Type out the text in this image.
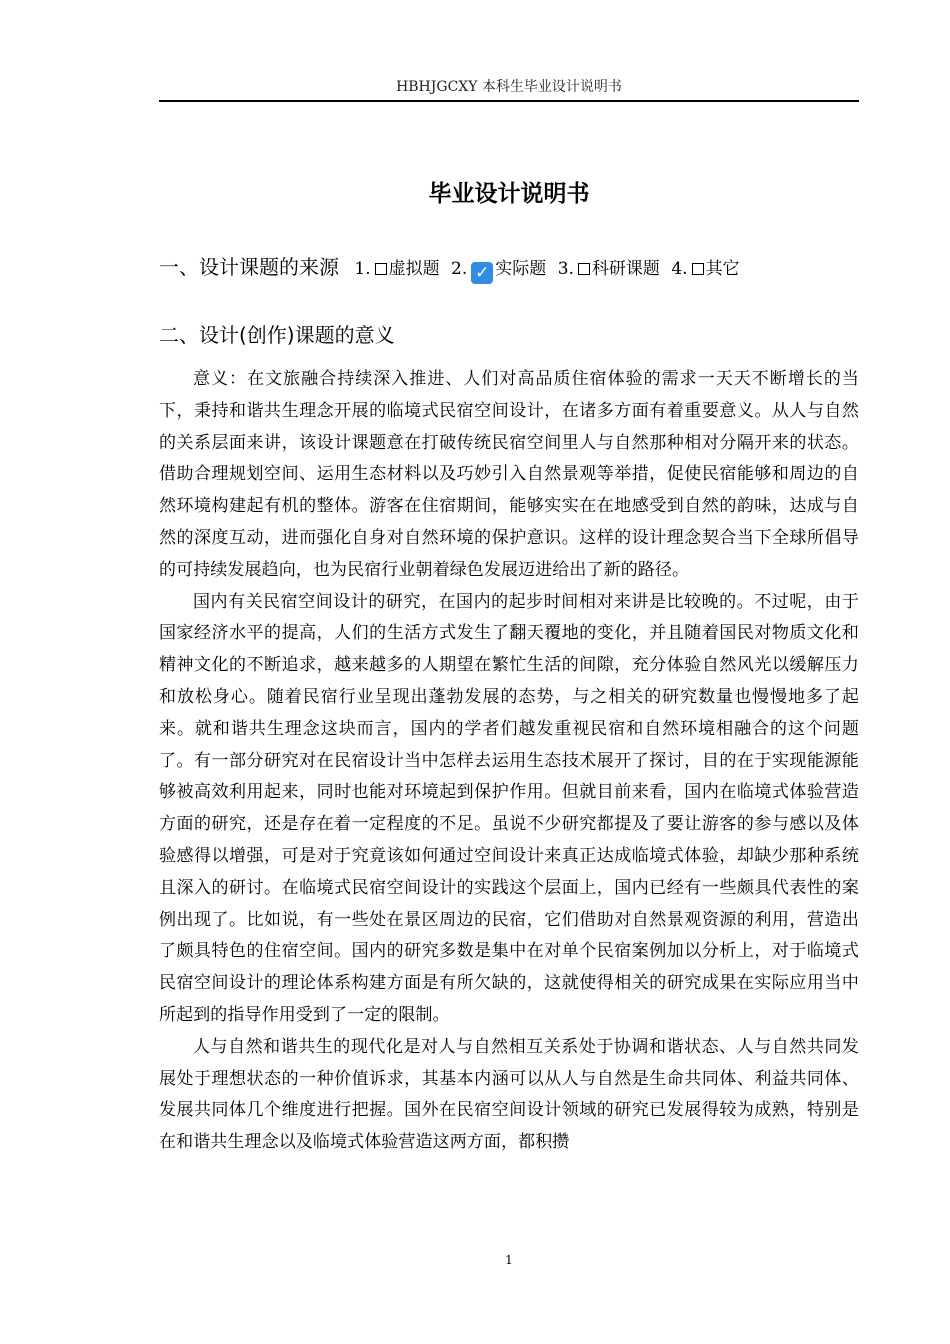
HBHJGCXY 本科生毕业设计说明书
毕业设计说明书
一、设计课题的来源 1. 虚拟题 2. ✓ 实际题 3. 科研课题 4. 其它
二、设计(创作)课题的意义

意义：在文旅融合持续深入推进、人们对高品质住宿体验的需求一天天不断增长的当下，秉持和谐共生理念开展的临境式民宿空间设计，在诸多方面有着重要意义。从人与自然的关系层面来讲，该设计课题意在打破传统民宿空间里人与自然那种相对分隔开来的状态。借助合理规划空间、运用生态材料以及巧妙引入自然景观等举措，促使民宿能够和周边的自然环境构建起有机的整体。游客在住宿期间，能够实实在在地感受到自然的韵味，达成与自然的深度互动，进而强化自身对自然环境的保护意识。这样的设计理念契合当下全球所倡导的可持续发展趋向，也为民宿行业朝着绿色发展迈进给出了新的路径。

国内有关民宿空间设计的研究，在国内的起步时间相对来讲是比较晚的。不过呢，由于国家经济水平的提高，人们的生活方式发生了翻天覆地的变化，并且随着国民对物质文化和精神文化的不断追求，越来越多的人期望在繁忙生活的间隙，充分体验自然风光以缓解压力和放松身心。随着民宿行业呈现出蓬勃发展的态势，与之相关的研究数量也慢慢地多了起来。就和谐共生理念这块而言，国内的学者们越发重视民宿和自然环境相融合的这个问题了。有一部分研究对在民宿设计当中怎样去运用生态技术展开了探讨，目的在于实现能源能够被高效利用起来，同时也能对环境起到保护作用。但就目前来看，国内在临境式体验营造方面的研究，还是存在着一定程度的不足。虽说不少研究都提及了要让游客的参与感以及体验感得以增强，可是对于究竟该如何通过空间设计来真正达成临境式体验，却缺少那种系统且深入的研讨。在临境式民宿空间设计的实践这个层面上，国内已经有一些颇具代表性的案例出现了。比如说，有一些处在景区周边的民宿，它们借助对自然景观资源的利用，营造出了颇具特色的住宿空间。国内的研究多数是集中在对单个民宿案例加以分析上，对于临境式民宿空间设计的理论体系构建方面是有所欠缺的，这就使得相关的研究成果在实际应用当中所起到的指导作用受到了一定的限制。

人与自然和谐共生的现代化是对人与自然相互关系处于协调和谐状态、人与自然共同发展处于理想状态的一种价值诉求，其基本内涵可以从人与自然是生命共同体、利益共同体、发展共同体几个维度进行把握。国外在民宿空间设计领域的研究已发展得较为成熟，特别是在和谐共生理念以及临境式体验营造这两方面，都积攒

1
